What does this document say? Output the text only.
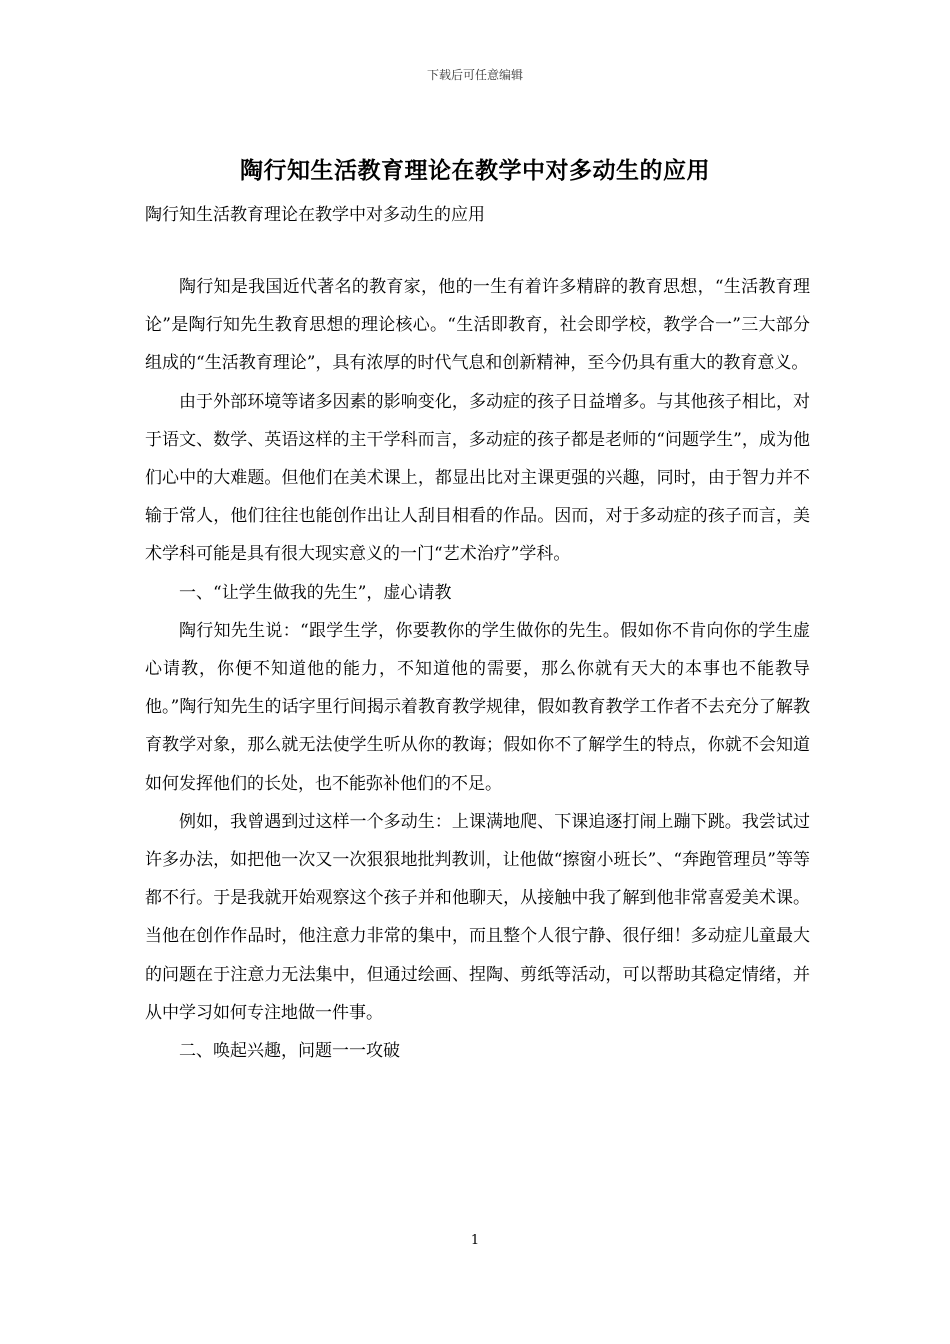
下载后可任意编辑
陶行知生活教育理论在教学中对多动生的应用
陶行知生活教育理论在教学中对多动生的应用

陶行知是我国近代著名的教育家，他的一生有着许多精辟的教育思想，“生活教育理论”是陶行知先生教育思想的理论核心。“生活即教育，社会即学校，教学合一”三大部分组成的“生活教育理论”，具有浓厚的时代气息和创新精神，至今仍具有重大的教育意义。

由于外部环境等诸多因素的影响变化，多动症的孩子日益增多。与其他孩子相比，对于语文、数学、英语这样的主干学科而言，多动症的孩子都是老师的“问题学生”，成为他们心中的大难题。但他们在美术课上，都显出比对主课更强的兴趣，同时，由于智力并不输于常人，他们往往也能创作出让人刮目相看的作品。因而，对于多动症的孩子而言，美术学科可能是具有很大现实意义的一门“艺术治疗”学科。

一、“让学生做我的先生”，虚心请教

陶行知先生说：“跟学生学，你要教你的学生做你的先生。假如你不肯向你的学生虚心请教，你便不知道他的能力，不知道他的需要，那么你就有天大的本事也不能教导他。”陶行知先生的话字里行间揭示着教育教学规律，假如教育教学工作者不去充分了解教育教学对象，那么就无法使学生听从你的教诲；假如你不了解学生的特点，你就不会知道如何发挥他们的长处，也不能弥补他们的不足。

例如，我曾遇到过这样一个多动生：上课满地爬、下课追逐打闹上蹦下跳。我尝试过许多办法，如把他一次又一次狠狠地批判教训，让他做“擦窗小班长”、“奔跑管理员”等等都不行。于是我就开始观察这个孩子并和他聊天，从接触中我了解到他非常喜爱美术课。当他在创作作品时，他注意力非常的集中，而且整个人很宁静、很仔细！多动症儿童最大的问题在于注意力无法集中，但通过绘画、捏陶、剪纸等活动，可以帮助其稳定情绪，并从中学习如何专注地做一件事。

二、唤起兴趣，问题一一攻破

1
